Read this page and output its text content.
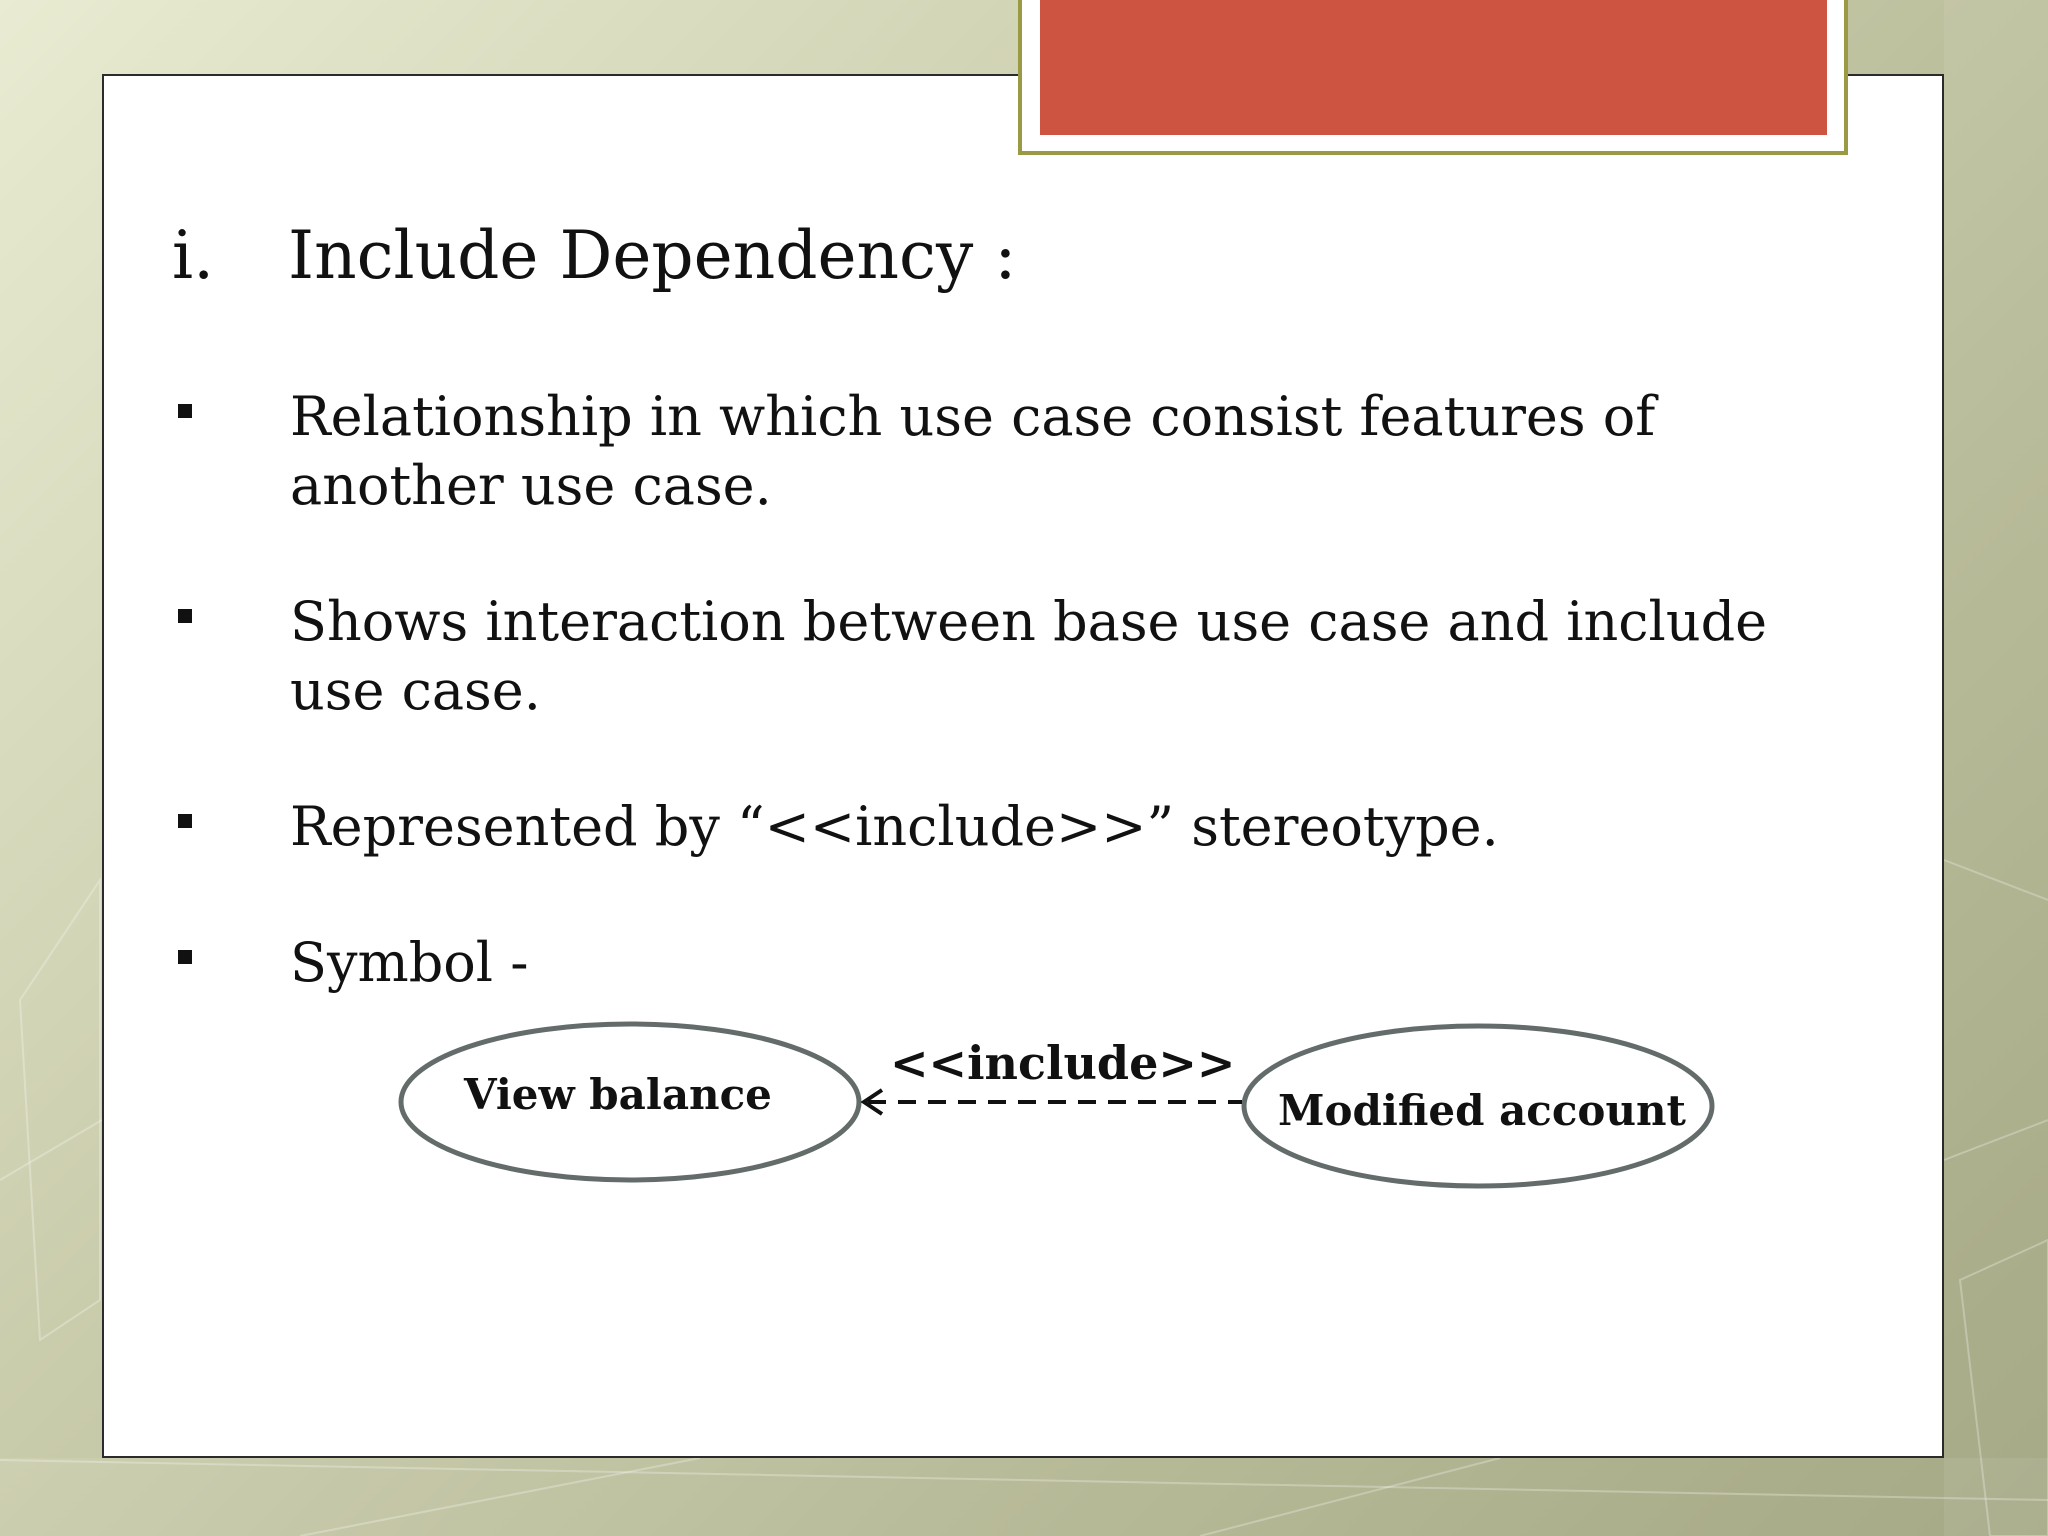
i. Include Dependency :
Relationship in which use case consist features of another use case.
Shows interaction between base use case and include use case.
Represented by “<<include>>” stereotype.
Symbol -
View balance	Modified account
<<include>>
